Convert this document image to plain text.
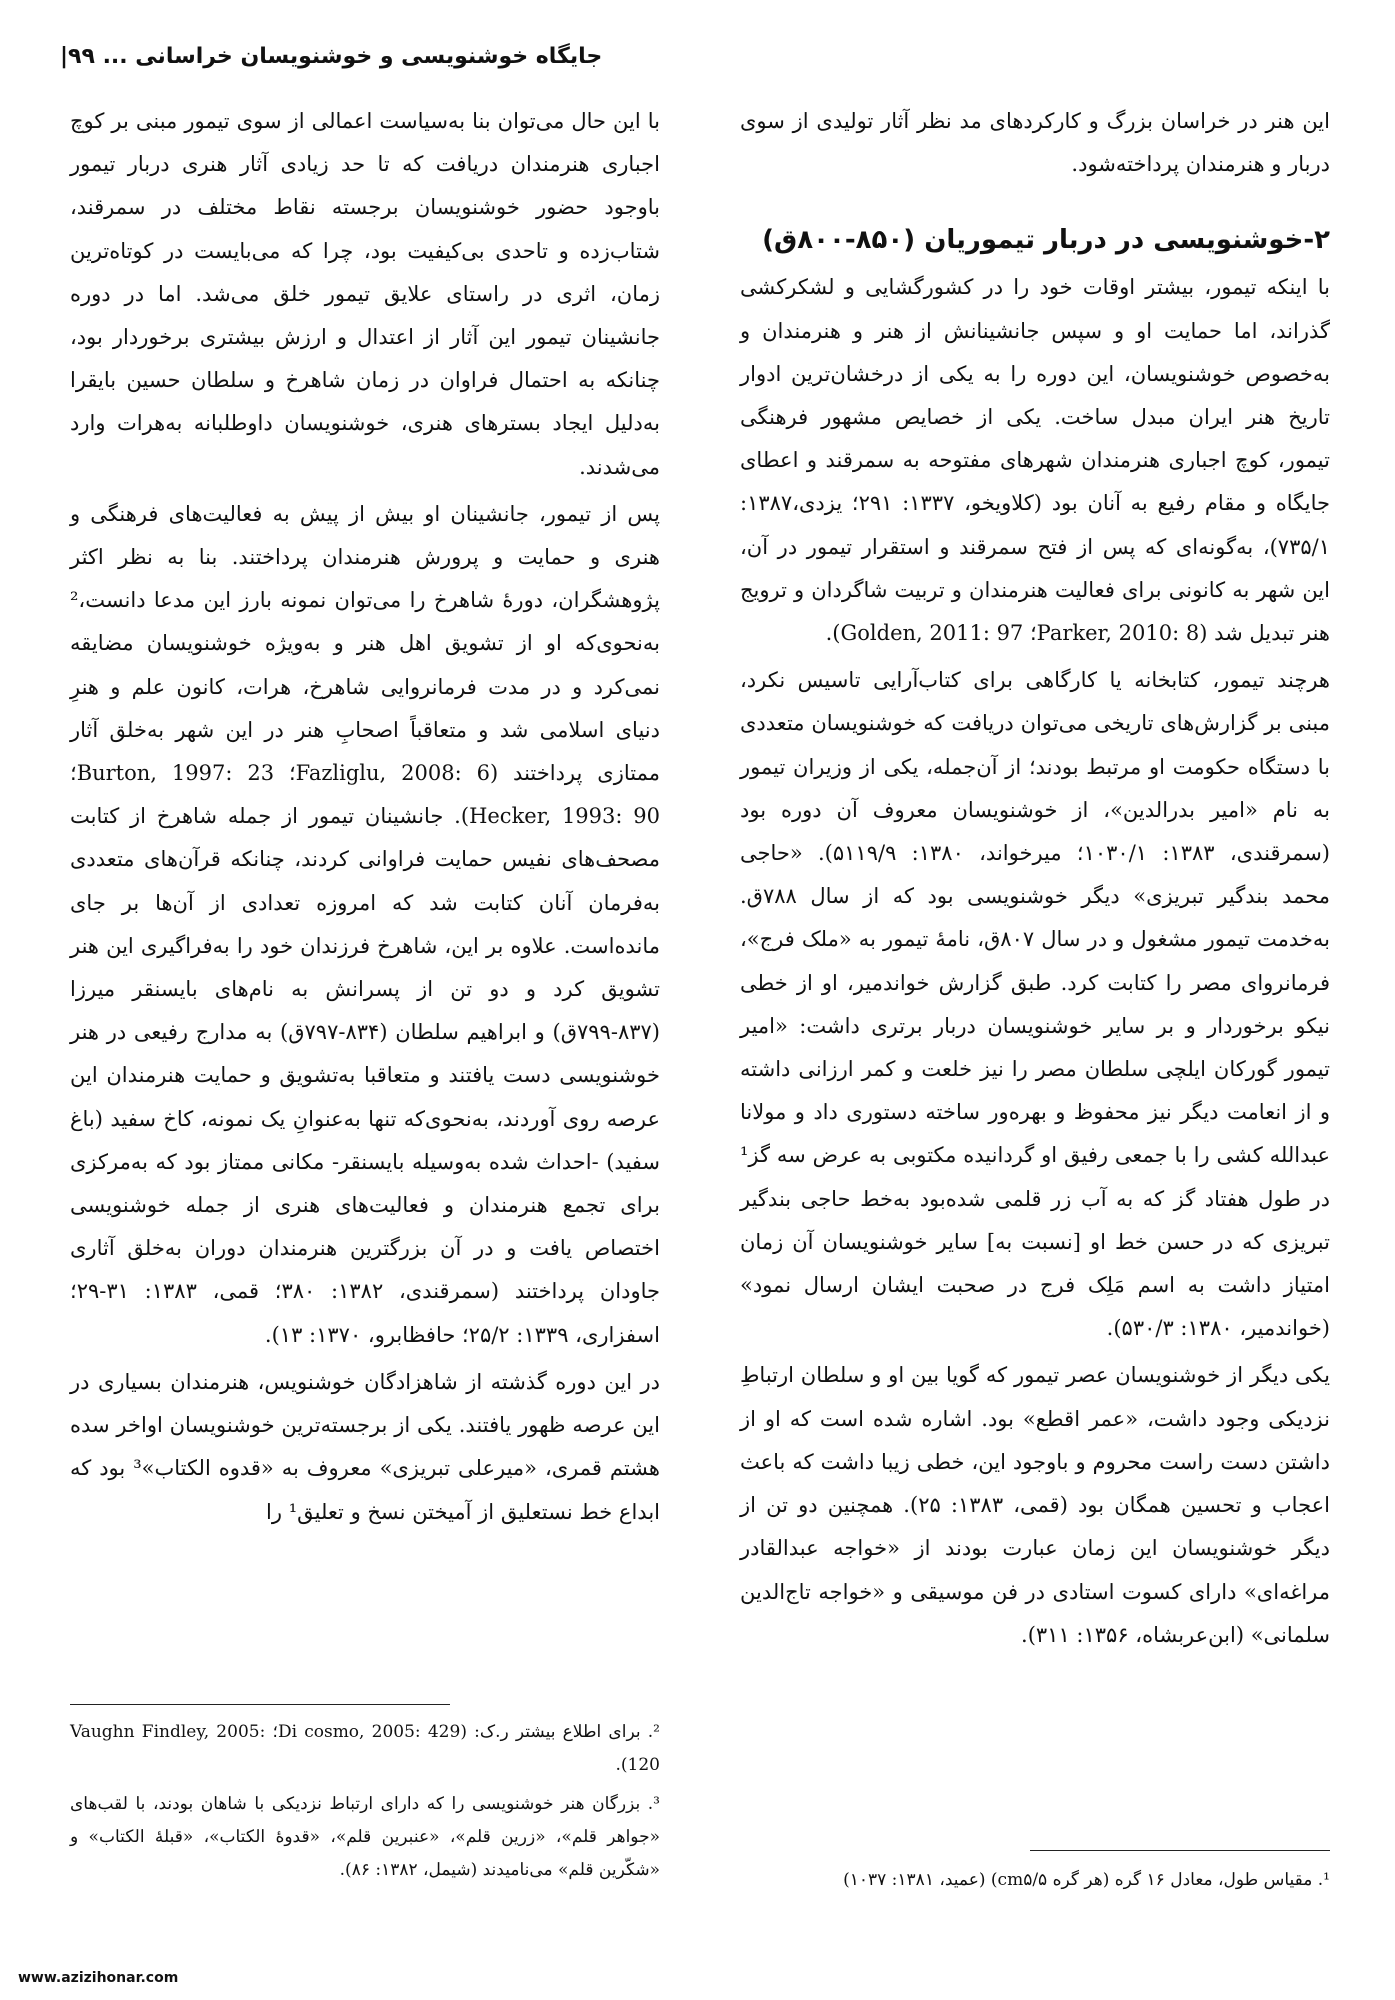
جایگاه خوشنویسی و خوشنویسان خراسانی ... |۹۹

این هنر در خراسان بزرگ و کارکردهای مد نظر آثار تولیدی از سوی دربار و هنرمندان پرداخته‌شود.

۲-خوشنویسی در دربار تیموریان (۸۵۰-۸۰۰ق)

با اینکه تیمور، بیشتر اوقات خود را در کشورگشایی و لشکرکشی گذراند، اما حمایت او و سپس جانشینانش از هنر و هنرمندان و به‌خصوص خوشنویسان، این دوره را به یکی از درخشان‌ترین ادوار تاریخ هنر ایران مبدل ساخت. یکی از خصایص مشهور فرهنگی تیمور، کوچ اجباری هنرمندان شهرهای مفتوحه به سمرقند و اعطای جایگاه و مقام رفیع به آنان بود (کلاویخو، ۱۳۳۷: ۲۹۱؛ یزدی،۱۳۸۷: ۷۳۵/۱)، به‌گونه‌ای که پس از فتح سمرقند و استقرار تیمور در آن، این شهر به کانونی برای فعالیت هنرمندان و تربیت شاگردان و ترویج هنر تبدیل شد (Parker, 2010: 8؛ Golden, 2011: 97).

هرچند تیمور، کتابخانه یا کارگاهی برای کتاب‌آرایی تاسیس نکرد، مبنی بر گزارش‌های تاریخی می‌توان دریافت که خوشنویسان متعددی با دستگاه حکومت او مرتبط بودند؛ از آن‌جمله، یکی از وزیران تیمور به نام «امیر بدرالدین»، از خوشنویسان معروف آن دوره بود (سمرقندی، ۱۳۸۳: ۱۰۳۰/۱؛ میرخواند، ۱۳۸۰: ۵۱۱۹/۹). «حاجی محمد بندگیر تبریزی» دیگر خوشنویسی بود که از سال ۷۸۸ق. به‌خدمت تیمور مشغول و در سال ۸۰۷ق، نامهٔ تیمور به «ملک فرج»، فرمانروای مصر را کتابت کرد. طبق گزارش خواندمیر، او از خطی نیکو برخوردار و بر سایر خوشنویسان دربار برتری داشت: «امیر تیمور گورکان ایلچی سلطان مصر را نیز خلعت و کمر ارزانی داشته و از انعامت دیگر نیز محفوظ و بهره‌ور ساخته دستوری داد و مولانا عبدالله کشی را با جمعی رفیق او گردانیده مکتوبی به عرض سه گز¹ در طول هفتاد گز که به آب زر قلمی شده‌بود به‌خط حاجی بندگیر تبریزی که در حسن خط او [نسبت به] سایر خوشنویسان آن زمان امتیاز داشت به اسم مَلِک فرج در صحبت ایشان ارسال نمود» (خواندمیر، ۱۳۸۰: ۵۳۰/۳).

یکی دیگر از خوشنویسان عصر تیمور که گویا بین او و سلطان ارتباطِ نزدیکی وجود داشت، «عمر اقطع» بود. اشاره شده است که او از داشتن دست راست محروم و باوجود این، خطی زیبا داشت که باعث اعجاب و تحسین همگان بود (قمی، ۱۳۸۳: ۲۵). همچنین دو تن از دیگر خوشنویسان این زمان عبارت بودند از «خواجه عبدالقادر مراغه‌ای» دارای کسوت استادی در فن موسیقی و «خواجه تاج‌الدین سلمانی» (ابن‌عربشاه، ۱۳۵۶: ۳۱۱).

با این حال می‌توان بنا به‌سیاست اعمالی از سوی تیمور مبنی بر کوچ اجباری هنرمندان دریافت که تا حد زیادی آثار هنری دربار تیمور باوجود حضور خوشنویسان برجسته نقاط مختلف در سمرقند، شتاب‌زده و تاحدی بی‌کیفیت بود، چرا که می‌بایست در کوتاه‌ترین زمان، اثری در راستای علایق تیمور خلق می‌شد. اما در دوره جانشینان تیمور این آثار از اعتدال و ارزش بیشتری برخوردار بود، چنانکه به احتمال فراوان در زمان شاهرخ و سلطان حسین بایقرا به‌دلیل ایجاد بسترهای هنری، خوشنویسان داوطلبانه به‌هرات وارد می‌شدند.

پس از تیمور، جانشینان او بیش از پیش به فعالیت‌های فرهنگی و هنری و حمایت و پرورش هنرمندان پرداختند. بنا به نظر اکثر پژوهشگران، دورهٔ شاهرخ را می‌توان نمونه بارز این مدعا دانست،² به‌نحوی‌که او از تشویق اهل هنر و به‌ویژه خوشنویسان مضایقه نمی‌کرد و در مدت فرمانروایی شاهرخ، هرات، کانون علم و هنرِ دنیای اسلامی شد و متعاقباً اصحابِ هنر در این شهر به‌خلق آثار ممتازی پرداختند (Fazliglu, 2008: 6؛ Burton, 1997: 23؛ Hecker, 1993: 90). جانشینان تیمور از جمله شاهرخ از کتابت مصحف‌های نفیس حمایت فراوانی کردند، چنانکه قرآن‌های متعددی به‌فرمان آنان کتابت شد که امروزه تعدادی از آن‌ها بر جای مانده‌است. علاوه بر این، شاهرخ فرزندان خود را به‌فراگیری این هنر تشویق کرد و دو تن از پسرانش به نام‌های بایسنقر میرزا (۸۳۷-۷۹۹ق) و ابراهیم سلطان (۸۳۴-۷۹۷ق) به مدارج رفیعی در هنر خوشنویسی دست یافتند و متعاقبا به‌تشویق و حمایت هنرمندان این عرصه روی آوردند، به‌نحوی‌که تنها به‌عنوانِ یک نمونه، کاخ سفید (باغ سفید) -احداث شده به‌وسیله بایسنقر- مکانی ممتاز بود که به‌مرکزی برای تجمع هنرمندان و فعالیت‌های هنری از جمله خوشنویسی اختصاص یافت و در آن بزرگترین هنرمندان دوران به‌خلق آثاری جاودان پرداختند (سمرقندی، ۱۳۸۲: ۳۸۰؛ قمی، ۱۳۸۳: ۳۱-۲۹؛ اسفزاری، ۱۳۳۹: ۲۵/۲؛ حافظابرو، ۱۳۷۰: ۱۳).

در این دوره گذشته از شاهزادگان خوشنویس، هنرمندان بسیاری در این عرصه ظهور یافتند. یکی از برجسته‌ترین خوشنویسان اواخر سده هشتم قمری، «میرعلی تبریزی» معروف به «قدوه الکتاب»³ بود که ابداع خط نستعلیق از آمیختن نسخ و تعلیق¹ را

². برای اطلاع بیشتر ر.ک: (Di cosmo, 2005: 429؛ Vaughn Findley, 2005: 120).

³. بزرگان هنر خوشنویسی را که دارای ارتباط نزدیکی با شاهان بودند، با لقب‌های «جواهر قلم»، «زرین قلم»، «عنبرین قلم»، «قدوهٔ الکتاب»، «قبلهٔ الکتاب» و «شکّرین قلم» می‌نامیدند (شیمل، ۱۳۸۲: ۸۶).	¹. مقیاس طول، معادل ۱۶ گره (هر گره cm۵/۵) (عمید، ۱۳۸۱: ۱۰۳۷)

www.azizihonar.com
